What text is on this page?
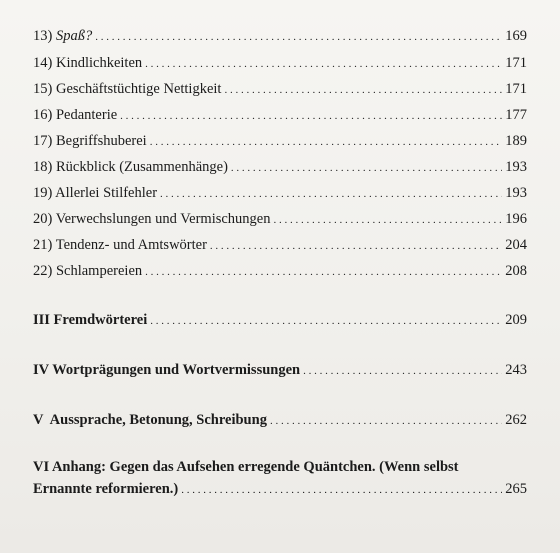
13) Spaß? . . .	169
14) Kindlichkeiten . . .	171
15) Geschäftstüchtige Nettigkeit . . .	171
16) Pedanterie . . .	177
17) Begriffshuberei . . .	189
18) Rückblick (Zusammenhänge) . . .	193
19) Allerlei Stilfehler . . .	193
20) Verwechslungen und Vermischungen . . .	196
21) Tendenz- und Amtswörter . . .	204
22) Schlampereien . . .	208
III Fremdwörterei . . .	209
IV Wortprägungen und Wortvermissungen . . .	243
V  Aussprache, Betonung, Schreibung . . .	262
VI Anhang: Gegen das Aufsehen erregende Quäntchen. (Wenn selbst
Ernannte reformieren.) . . .	265
